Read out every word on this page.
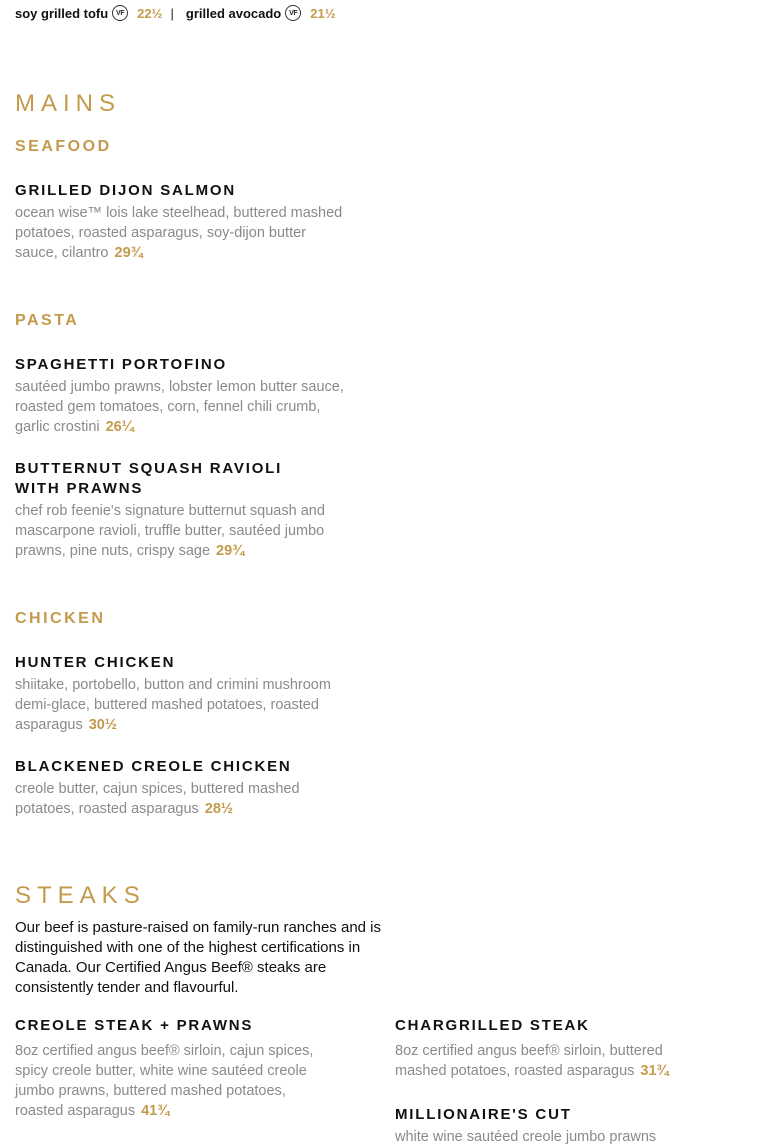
soy grilled tofu	VF 22½ | grilled avocado	VF 21½
MAINS
SEAFOOD
GRILLED DIJON SALMON
ocean wise™ lois lake steelhead, buttered mashed potatoes, roasted asparagus, soy-dijon butter sauce, cilantro 29¾
PASTA
SPAGHETTI PORTOFINO
sautéed jumbo prawns, lobster lemon butter sauce, roasted gem tomatoes, corn, fennel chili crumb, garlic crostini 26¼
BUTTERNUT SQUASH RAVIOLI
WITH PRAWNS
chef rob feenie's signature butternut squash and mascarpone ravioli, truffle butter, sautéed jumbo prawns, pine nuts, crispy sage 29¾
CHICKEN
HUNTER CHICKEN
shiitake, portobello, button and crimini mushroom demi-glace, buttered mashed potatoes, roasted asparagus 30½
BLACKENED CREOLE CHICKEN
creole butter, cajun spices, buttered mashed potatoes, roasted asparagus 28½
STEAKS
Our beef is pasture-raised on family-run ranches and is distinguished with one of the highest certifications in Canada. Our Certified Angus Beef® steaks are consistently tender and flavourful.
CREOLE STEAK + PRAWNS
8oz certified angus beef® sirloin, cajun spices, spicy creole butter, white wine sautéed creole jumbo prawns, buttered mashed potatoes, roasted asparagus 41¾
CHARGRILLED STEAK
8oz certified angus beef® sirloin, buttered mashed potatoes, roasted asparagus 31¾
MILLIONAIRE'S CUT
white wine sautéed creole jumbo prawns
